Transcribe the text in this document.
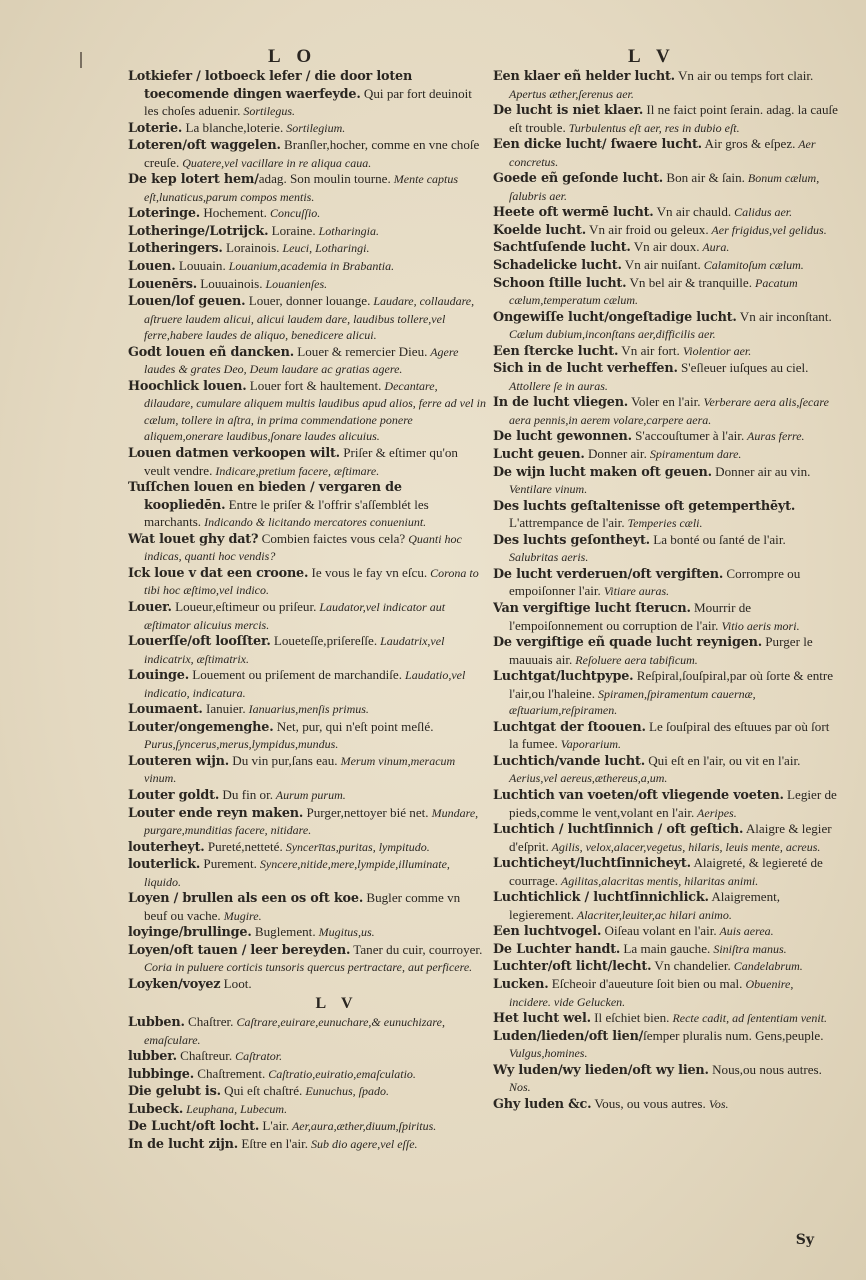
L O	L V

Lotkiefer / lotboeck lefer / die door loten toecomende dingen waerfeyde. Qui par fort deuinoit les choſes aduenir. Sortilegus.

Loterie. La blanche,loterie. Sortilegium.

Loteren/oft waggelen. Branſler,hocher, comme en vne choſe creuſe. Quatere,vel vacillare in re aliqua caua.

De kep lotert hem/adag. Son moulin tourne. Mente captus eſt,lunaticus,parum compos mentis.

Loteringe. Hochement. Concuſſio.

Lotheringe/Lotrijck. Loraine. Lotharingia.

Lotheringers. Lorainois. Leuci, Lotharingi.

Louen. Louuain. Louanium,academia in Brabantia.

Louenērs. Louuainois. Louanienſes.

Louen/lof geuen. Louer, donner louange. Laudare, collaudare, aſtruere laudem alicui, alicui laudem dare, laudibus tollere,vel ferre,habere laudes de aliquo, benedicere alicui.

Godt louen eñ dancken. Louer & remercier Dieu. Agere laudes & grates Deo, Deum laudare ac gratias agere.

Hoochlick louen. Louer fort & haultement. Decantare, dilaudare, cumulare aliquem multis laudibus apud alios, ferre ad vel in cælum, tollere in aſtra, in prima commendatione ponere aliquem,onerare laudibus,ſonare laudes alicuius.

Louen datmen verkoopen wilt. Priſer & eſtimer qu'on veult vendre. Indicare,pretium facere, æſtimare.

Tuſſchen louen en bieden / vergaren de koopliedēn. Entre le priſer & l'offrir s'aſſemblét les marchants. Indicando & licitando mercatores conueniunt.

Wat louet ghy dat? Combien faictes vous cela? Quanti hoc indicas, quanti hoc vendis?

Ick loue v dat een croone. Ie vous le fay vn eſcu. Corona to tibi hoc æſtimo,vel indico.

Louer. Loueur,eſtimeur ou priſeur. Laudator,vel indicator aut æſtimator alicuius mercis.

Louerſſe/oft looſſter. Loueteſſe,priſereſſe. Laudatrix,vel indicatrix, æſtimatrix.

Louinge. Louement ou priſement de marchandiſe. Laudatio,vel indicatio, indicatura.

Loumaent. Ianuier. Ianuarius,menſis primus.

Louter/ongemenghe. Net, pur, qui n'eſt point meſlé. Purus,ſyncerus,merus,lympidus,mundus.

Louteren wijn. Du vin pur,ſans eau. Merum vinum,meracum vinum.

Louter goldt. Du fin or. Aurum purum.

Louter ende reyn maken. Purger,nettoyer bié net. Mundare, purgare,munditias facere, nitidare.

louterheyt. Pureté,netteté. Syncerītas,puritas, lympitudo.

louterlick. Purement. Syncere,nitide,mere,lympide,illuminate, liquido.

Loyen / brullen als een os oft koe. Bugler comme vn beuf ou vache. Mugire.

loyinge/brullinge. Buglement. Mugitus,us.

Loyen/oft tauen / leer bereyden. Taner du cuir, courroyer. Coria in puluere corticis tunsoris quercus pertractare, aut perficere.

Loyken/voyez Loot.

L V

Lubben. Chaſtrer. Caſtrare,euirare,eunuchare,& eunuchizare, emaſculare.

lubber. Chaſtreur. Caſtrator.

lubbinge. Chaſtrement. Caſtratio,euiratio,emaſculatio.

Die gelubt is. Qui eſt chaſtré. Eunuchus, ſpado.

Lubeck. Leuphana, Lubecum.

De Lucht/oft locht. L'air. Aer,aura,æther,diuum,ſpiritus.

In de lucht zijn. Eſtre en l'air. Sub dio agere,vel eſſe.

Een klaer eñ helder lucht. Vn air ou temps fort clair. Apertus æther,ſerenus aer.

De lucht is niet klaer. Il ne faict point ſerain. adag. la cauſe eſt trouble. Turbulentus eſt aer, res in dubio eſt.

Een dicke lucht/ ſwaere lucht. Air gros & eſpez. Aer concretus.

Goede eñ geſonde lucht. Bon air & ſain. Bonum cælum, ſalubris aer.

Heete oft wermē lucht. Vn air chauld. Calidus aer.

Koelde lucht. Vn air froid ou geleux. Aer frigidus,vel gelidus.

Sachtſuſende lucht. Vn air doux. Aura.

Schadelicke lucht. Vn air nuiſant. Calamitoſum cælum.

Schoon ſtille lucht. Vn bel air & tranquille. Pacatum cælum,temperatum cælum.

Ongewiſſe lucht/ongeſtadige lucht. Vn air inconſtant. Cælum dubium,inconſtans aer,difficilis aer.

Een ſtercke lucht. Vn air fort. Violentior aer.

Sich in de lucht verheffen. S'eſleuer iuſques au ciel. Attollere ſe in auras.

In de lucht vliegen. Voler en l'air. Verberare aera alis,ſecare aera pennis,in aerem volare,carpere aera.

De lucht gewonnen. S'accouſtumer à l'air. Auras ferre.

Lucht geuen. Donner air. Spiramentum dare.

De wijn lucht maken oft geuen. Donner air au vin. Ventilare vinum.

Des luchts geſtaltenisse oft getemperthēyt. L'attrempance de l'air. Temperies cæli.

Des luchts geſontheyt. La bonté ou ſanté de l'air. Salubritas aeris.

De lucht verderuen/oft vergiften. Corrompre ou empoiſonner l'air. Vitiare auras.

Van vergiftige lucht ſterucn. Mourrir de l'empoiſonnement ou corruption de l'air. Vitio aeris mori.

De vergiftige eñ quade lucht reynigen. Purger le mauuais air. Reſoluere aera tabificum.

Luchtgat/luchtpype. Reſpiral,ſouſpiral,par où ſorte & entre l'air,ou l'haleine. Spiramen,ſpiramentum cauernæ, æſtuarium,reſpiramen.

Luchtgat der ſtoouen. Le ſouſpiral des eſtuues par où ſort la fumee. Vaporarium.

Luchtich/vande lucht. Qui eſt en l'air, ou vit en l'air. Aerius,vel aereus,æthereus,a,um.

Luchtich van voeten/oft vliegende voeten. Legier de pieds,comme le vent,volant en l'air. Aeripes.

Luchtich / luchtſinnich / oft geſtich. Alaigre & legier d'eſprit. Agilis, velox,alacer,vegetus, hilaris, leuis mente, acreus.

Luchticheyt/luchtſinnicheyt. Alaigreté, & legiereté de courrage. Agilitas,alacritas mentis, hilaritas animi.

Luchtichlick / luchtſinnichlick. Alaigrement, legierement. Alacriter,leuiter,ac hilari animo.

Een luchtvogel. Oiſeau volant en l'air. Auis aerea.

De Luchter handt. La main gauche. Siniſtra manus.

Luchter/oft licht/lecht. Vn chandelier. Candelabrum.

Lucken. Eſcheoir d'aueuture ſoit bien ou mal. Obuenire, incidere. vide Gelucken.

Het lucht wel. Il eſchiet bien. Recte cadit, ad ſententiam venit.

Luden/lieden/oft lien/ſemper pluralis num. Gens,peuple. Vulgus,homines.

Wy luden/wy lieden/oft wy lien. Nous,ou nous autres. Nos.

Ghy luden &c. Vous, ou vous autres. Vos.

Sy
